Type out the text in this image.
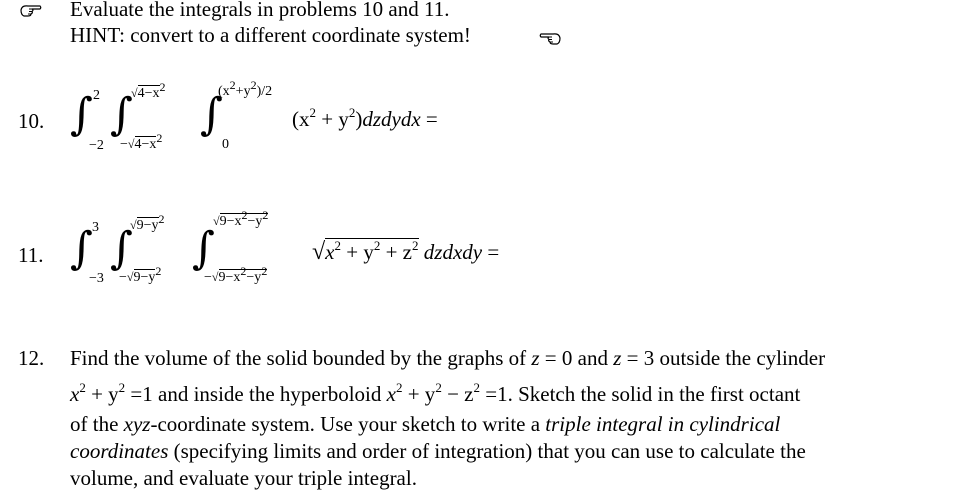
Evaluate the integrals in problems 10 and 11.
HINT: convert to a different coordinate system!
10. ∫ 2
−2
∫
√4−x2
−√4−x2 ∫
(x2+y2)/2
0
($x^2$ + $y^2)dzdydx$ =
11. ∫ 3
−3
∫
√9−y2
−√9−y2 ∫
√9−x2−y2
−√9−x2−y2
$√x^2 + y^2 + z^2$ dzdxdy =
12. Find the volume of the solid bounded by the graphs of z = 0 and z = 3 outside the cylinder
$x^2 + y^2 =1$ and inside the hyperboloid $x^2 + y^2 - z^2 =1$. Sketch the solid in the first octant
of the xyz-coordinate system. Use your sketch to write a triple integral in cylindrical
coordinates (specifying limits and order of integration) that you can use to calculate the
volume, and evaluate your triple integral.
